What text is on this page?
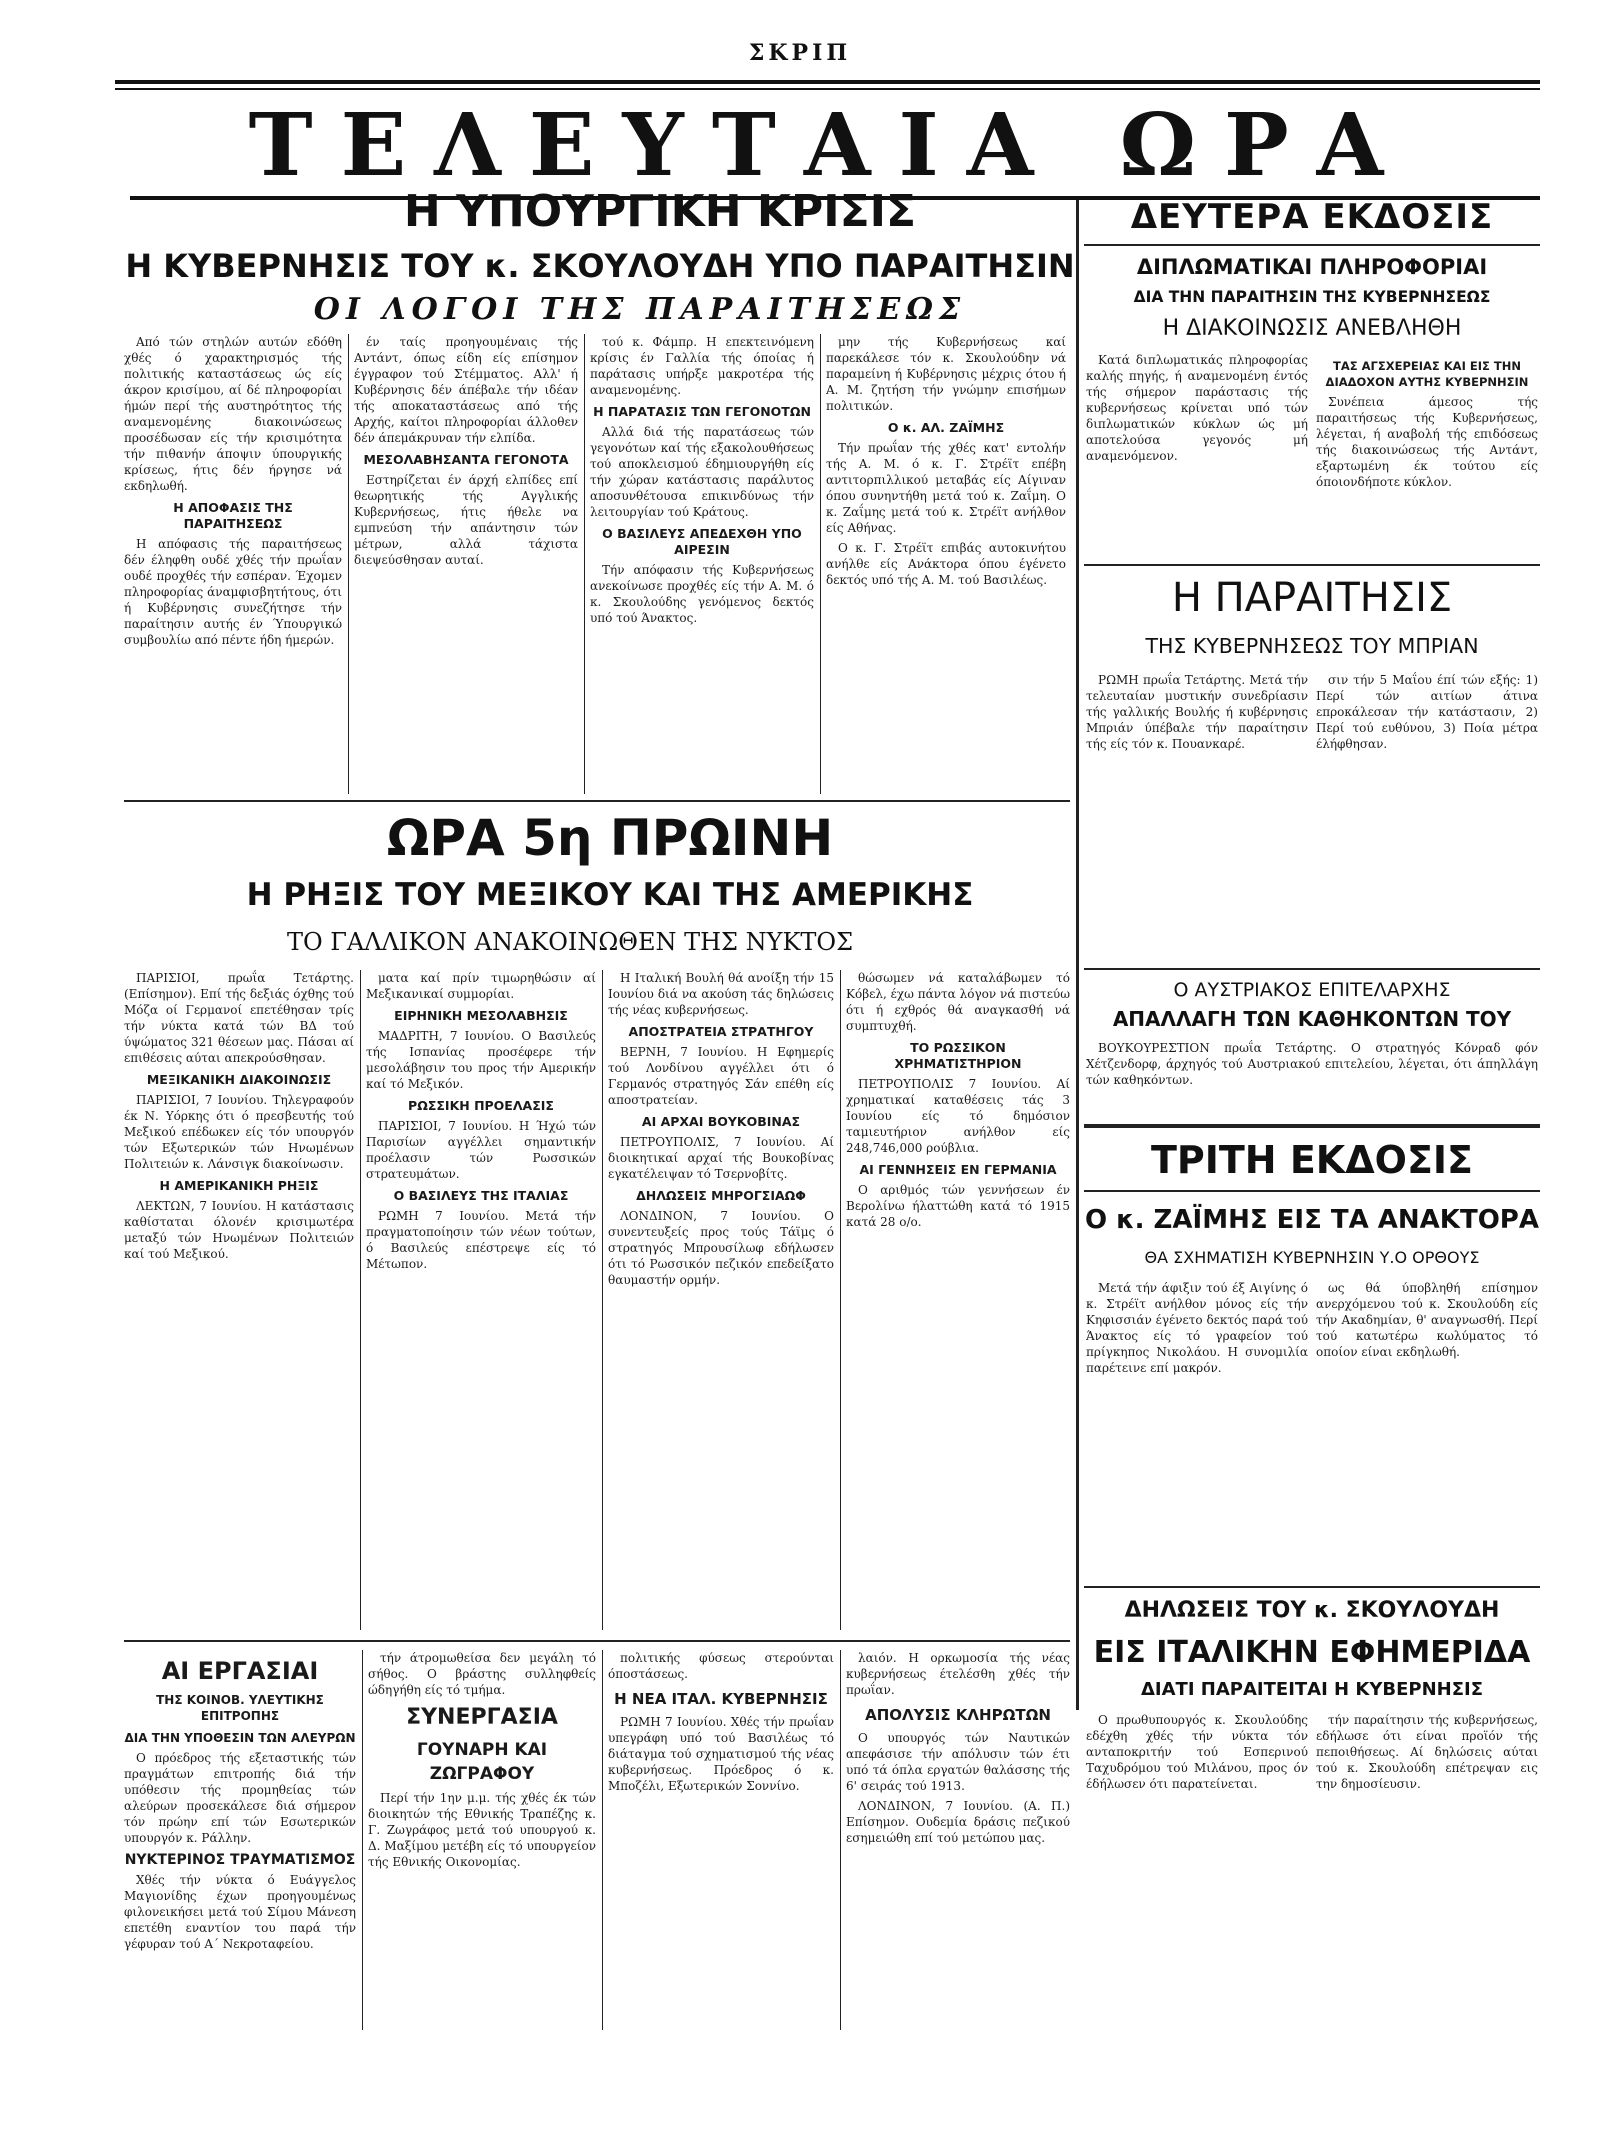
ΣΚΡΙΠ
ΤΕΛΕΥΤΑΙΑ ΩΡΑ
Η ΥΠΟΥΡΓΙΚΗ ΚΡΙΣΙΣ
Η ΚΥΒΕΡΝΗΣΙΣ ΤΟΥ κ. ΣΚΟΥΛΟΥΔΗ ΥΠΟ ΠΑΡΑΙΤΗΣΙΝ
ΟΙ ΛΟΓΟΙ ΤΗΣ ΠΑΡΑΙΤΗΣΕΩΣ

Από τών στηλών αυτών εδόθη χθές ό χαρακτηρισμός τής πολιτικής καταστάσεως ώς είς άκρον κρισίμου, αί δέ πληροφορίαι ήμών περί τής αυστηρότητος τής αναμενομένης διακοινώσεως προσέδωσαν είς τήν κρισιμότητα τήν πιθανήν άποψιν ύπουργικής κρίσεως, ήτις δέν ήργησε νά εκδηλωθή.

Η ΑΠΟΦΑΣΙΣ ΤΗΣ ΠΑΡΑΙΤΗΣΕΩΣ

Η απόφασις τής παραιτήσεως δέν έληφθη ουδέ χθές τήν πρωΐαν ουδέ προχθές τήν εσπέραν. Έχομεν πληροφορίας άναμφισβητήτους, ότι ή Κυβέρνησις συνεζήτησε τήν παραίτησιν αυτής έν Ύπουργικώ συμβουλίω από πέντε ήδη ήμερών.

έν ταίς προηγουμέναις τής Αντάντ, όπως είδη είς επίσημον έγγραφον τού Στέμματος. Αλλ' ή Κυβέρνησις δέν άπέβαλε τήν ιδέαν τής αποκαταστάσεως από τής Αρχής, καίτοι πληροφορίαι άλλοθεν δέν άπεμάκρυναν τήν ελπίδα.

ΜΕΣΟΛΑΒΗΣΑΝΤΑ ΓΕΓΟΝΟΤΑ

Εστηρίζεται έν άρχή ελπίδες επί θεωρητικής τής Αγγλικής Κυβερνήσεως, ήτις ήθελε να εμπνεύση τήν απάντησιν τών μέτρων, αλλά τάχιστα διεψεύσθησαν αυταί.

τού κ. Φάμπρ. Η επεκτεινόμενη κρίσις έν Γαλλία τής όποίας ή παράτασις υπήρξε μακροτέρα τής αναμενομένης.

Η ΠΑΡΑΤΑΣΙΣ ΤΩΝ ΓΕΓΟΝΟΤΩΝ

Αλλά διά τής παρατάσεως τών γεγονότων καί τής εξακολουθήσεως τού αποκλεισμού έδημιουργήθη είς τήν χώραν κατάστασις παράλυτος αποσυνθέτουσα επικινδύνως τήν λειτουργίαν τού Κράτους.

Ο ΒΑΣΙΛΕΥΣ ΑΠΕΔΕΧΘΗ ΥΠΟ ΑΙΡΕΣΙΝ

Τήν απόφασιν τής Κυβερνήσεως ανεκοίνωσε προχθές είς τήν Α. Μ. ό κ. Σκουλούδης γενόμενος δεκτός υπό τού Άνακτος.

μην τής Κυβερνήσεως καί παρεκάλεσε τόν κ. Σκουλούδην νά παραμείνη ή Κυβέρνησις μέχρις ότου ή Α. Μ. ζητήση τήν γνώμην επισήμων πολιτικών.

Ο κ. ΑΛ. ΖΑΪΜΗΣ

Τήν πρωΐαν τής χθές κατ' εντολήν τής Α. Μ. ό κ. Γ. Στρέϊτ επέβη αντιτορπιλλικού μεταβάς είς Αίγιναν όπου συνηντήθη μετά τού κ. Ζαΐμη. Ο κ. Ζαΐμης μετά τού κ. Στρέϊτ ανήλθον είς Αθήνας.

Ο κ. Γ. Στρέϊτ επιβάς αυτοκινήτου ανήλθε είς Ανάκτορα όπου έγένετο δεκτός υπό τής Α. Μ. τού Βασιλέως.

ΩΡΑ 5η ΠΡΩΙΝΗ
Η ΡΗΞΙΣ ΤΟΥ ΜΕΞΙΚΟΥ ΚΑΙ ΤΗΣ ΑΜΕΡΙΚΗΣ
ΤΟ ΓΑΛΛΙΚΟΝ ΑΝΑΚΟΙΝΩΘΕΝ ΤΗΣ ΝΥΚΤΟΣ

ΠΑΡΙΣΙΟΙ, πρωΐα Τετάρτης. (Επίσημον). Επί τής δεξιάς όχθης τού Μόζα οί Γερμανοί επετέθησαν τρίς τήν νύκτα κατά τών ΒΔ τού ύψώματος 321 θέσεων μας. Πάσαι αί επιθέσεις αύται απεκρούσθησαν.

ΜΕΞΙΚΑΝΙΚΗ ΔΙΑΚΟΙΝΩΣΙΣ

ΠΑΡΙΣΙΟΙ, 7 Ιουνίου. Τηλεγραφούν έκ Ν. Υόρκης ότι ό πρεσβευτής τού Μεξικού επέδωκεν είς τόν υπουργόν τών Εξωτερικών τών Ηνωμένων Πολιτειών κ. Λάνσιγκ διακοίνωσιν.

Η ΑΜΕΡΙΚΑΝΙΚΗ ΡΗΞΙΣ

ΛΕΚΤΩΝ, 7 Ιουνίου. Η κατάστασις καθίσταται όλονέν κρισιμωτέρα μεταξύ τών Ηνωμένων Πολιτειών καί τού Μεξικού.

ματα καί πρίν τιμωρηθώσιν αί Μεξικανικαί συμμορίαι.

ΕΙΡΗΝΙΚΗ ΜΕΣΟΛΑΒΗΣΙΣ

ΜΑΔΡΙΤΗ, 7 Ιουνίου. Ο Βασιλεύς τής Ισπανίας προσέφερε τήν μεσολάβησιν του προς τήν Αμερικήν καί τό Μεξικόν.

ΡΩΣΣΙΚΗ ΠΡΟΕΛΑΣΙΣ

ΠΑΡΙΣΙΟΙ, 7 Ιουνίου. Η Ήχώ τών Παρισίων αγγέλλει σημαντικήν προέλασιν τών Ρωσσικών στρατευμάτων.

Ο ΒΑΣΙΛΕΥΣ ΤΗΣ ΙΤΑΛΙΑΣ

ΡΩΜΗ 7 Ιουνίου. Μετά τήν πραγματοποίησιν τών νέων τούτων, ό Βασιλεύς επέστρεψε είς τό Μέτωπον.

Η Ιταλική Βουλή θά ανοίξη τήν 15 Ιουνίου διά να ακούση τάς δηλώσεις τής νέας κυβερνήσεως.

ΑΠΟΣΤΡΑΤΕΙΑ ΣΤΡΑΤΗΓΟΥ

ΒΕΡΝΗ, 7 Ιουνίου. Η Εφημερίς τού Λονδίνου αγγέλλει ότι ό Γερμανός στρατηγός Σάν επέθη είς αποστρατείαν.

ΑΙ ΑΡΧΑΙ ΒΟΥΚΟΒΙΝΑΣ

ΠΕΤΡΟΥΠΟΛΙΣ, 7 Ιουνίου. Αί διοικητικαί αρχαί τής Βουκοβίνας εγκατέλειψαν τό Τσερνοβίτς.

ΔΗΛΩΣΕΙΣ ΜΗΡΟΓΣΙΑΩΦ

ΛΟΝΔΙΝΟΝ, 7 Ιουνίου. Ο συνεντευξείς προς τούς Τάϊμς ό στρατηγός Μπρουσίλωφ εδήλωσεν ότι τό Ρωσσικόν πεζικόν επεδείξατο θαυμαστήν ορμήν.

θώσωμεν νά καταλάβωμεν τό Κόβελ, έχω πάντα λόγον νά πιστεύω ότι ή εχθρός θά αναγκασθή νά συμπτυχθή.

ΤΟ ΡΩΣΣΙΚΟΝ ΧΡΗΜΑΤΙΣΤΗΡΙΟΝ

ΠΕΤΡΟΥΠΟΛΙΣ 7 Ιουνίου. Αί χρηματικαί καταθέσεις τάς 3 Ιουνίου είς τό δημόσιον ταμιευτήριον ανήλθον είς 248,746,000 ρούβλια.

ΑΙ ΓΕΝΝΗΣΕΙΣ ΕΝ ΓΕΡΜΑΝΙΑ

Ο αριθμός τών γεννήσεων έν Βερολίνω ήλαττώθη κατά τό 1915 κατά 28 ο/ο.

ΑΙ ΕΡΓΑΣΙΑΙ
ΤΗΣ ΚΟΙΝΟΒ. ΥΛΕΥΤΙΚΗΣ ΕΠΙΤΡΟΠΗΣ
ΔΙΑ ΤΗΝ ΥΠΟΘΕΣΙΝ ΤΩΝ ΑΛΕΥΡΩΝ

Ο πρόεδρος τής εξεταστικής τών πραγμάτων επιτροπής διά τήν υπόθεσιν τής προμηθείας τών αλεύρων προσεκάλεσε διά σήμερον τόν πρώην επί τών Εσωτερικών υπουργόν κ. Ράλλην.

ΝΥΚΤΕΡΙΝΟΣ ΤΡΑΥΜΑΤΙΣΜΟΣ

Χθές τήν νύκτα ό Ευάγγελος Μαγιονίδης έχων προηγουμένως φιλονεικήσει μετά τού Σίμου Μάνεση επετέθη εναντίον του παρά τήν γέφυραν τού Α΄ Νεκροταφείου.

τήν άτρομωθείσα δεν μεγάλη τό σήθος. Ο βράστης συλληφθείς ώδηγήθη είς τό τμήμα.

ΣΥΝΕΡΓΑΣΙΑ
ΓΟΥΝΑΡΗ ΚΑΙ ΖΩΓΡΑΦΟΥ

Περί τήν 1ην μ.μ. τής χθές έκ τών διοικητών τής Εθνικής Τραπέζης κ. Γ. Ζωγράφος μετά τού υπουργού κ. Δ. Μαξίμου μετέβη είς τό υπουργείον τής Εθνικής Οικονομίας.

πολιτικής φύσεως στερούνται όποστάσεως.

Η ΝΕΑ ΙΤΑΛ. ΚΥΒΕΡΝΗΣΙΣ

ΡΩΜΗ 7 Ιουνίου. Χθές τήν πρωΐαν υπεγράφη υπό τού Βασιλέως τό διάταγμα τού σχηματισμού τής νέας κυβερνήσεως. Πρόεδρος ό κ. Μποζέλι, Εξωτερικών Σοννίνο.

λαιόν. Η ορκωμοσία τής νέας κυβερνήσεως έτελέσθη χθές τήν πρωΐαν.

ΑΠΟΛΥΣΙΣ ΚΛΗΡΩΤΩΝ

Ο υπουργός τών Ναυτικών απεφάσισε τήν απόλυσιν τών έτι υπό τά όπλα εργατών θαλάσσης τής 6' σειράς τού 1913.

ΛΟΝΔΙΝΟΝ, 7 Ιουνίου. (Α. Π.) Επίσημον. Ουδεμία δράσις πεζικού εσημειώθη επί τού μετώπου μας.

ΔΕΥΤΕΡΑ ΕΚΔΟΣΙΣ
ΔΙΠΛΩΜΑΤΙΚΑΙ ΠΛΗΡΟΦΟΡΙΑΙ
ΔΙΑ ΤΗΝ ΠΑΡΑΙΤΗΣΙΝ ΤΗΣ ΚΥΒΕΡΝΗΣΕΩΣ
Η ΔΙΑΚΟΙΝΩΣΙΣ ΑΝΕΒΛΗΘΗ

Κατά διπλωματικάς πληροφορίας καλής πηγής, ή αναμενομένη έντός τής σήμερον παράστασις τής κυβερνήσεως κρίνεται υπό τών διπλωματικών κύκλων ώς μή αποτελούσα γεγονός μή αναμενόμενον.

ΤΑΣ ΑΓΣΧΕΡΕΙΑΣ ΚΑΙ ΕΙΣ ΤΗΝ ΔΙΑΔΟΧΟΝ ΑΥΤΗΣ ΚΥΒΕΡΝΗΣΙΝ

Συνέπεια άμεσος τής παραιτήσεως τής Κυβερνήσεως, λέγεται, ή αναβολή τής επιδόσεως τής διακοινώσεως τής Αντάντ, εξαρτωμένη έκ τούτου είς όποιονδήποτε κύκλον.

Η ΠΑΡΑΙΤΗΣΙΣ
ΤΗΣ ΚΥΒΕΡΝΗΣΕΩΣ ΤΟΥ ΜΠΡΙΑΝ

ΡΩΜΗ πρωΐα Τετάρτης. Μετά τήν τελευταίαν μυστικήν συνεδρίασιν τής γαλλικής Βουλής ή κυβέρνησις Μπριάν ύπέβαλε τήν παραίτησιν τής είς τόν κ. Πουανκαρέ.

σιν τήν 5 Μαΐου έπί τών εξής: 1) Περί τών αιτίων άτινα επροκάλεσαν τήν κατάστασιν, 2) Περί τού ευθύνου, 3) Ποία μέτρα έλήφθησαν.

Ο ΑΥΣΤΡΙΑΚΟΣ ΕΠΙΤΕΛΑΡΧΗΣ
ΑΠΑΛΛΑΓΗ ΤΩΝ ΚΑΘΗΚΟΝΤΩΝ ΤΟΥ

ΒΟΥΚΟΥΡΕΣΤΙΟΝ πρωΐα Τετάρτης. Ο στρατηγός Κόνραδ φόν Χέτζενδορφ, άρχηγός τού Αυστριακού επιτελείου, λέγεται, ότι άπηλλάγη τών καθηκόντων.

ΤΡΙΤΗ ΕΚΔΟΣΙΣ
Ο κ. ΖΑΪΜΗΣ ΕΙΣ ΤΑ ΑΝΑΚΤΟΡΑ
ΘΑ ΣΧΗΜΑΤΙΣΗ ΚΥΒΕΡΝΗΣΙΝ Υ.Ο ΟΡΘΟΥΣ

Μετά τήν άφιξιν τού έξ Αιγίνης ό κ. Στρέϊτ ανήλθον μόνος είς τήν Κηφισσιάν έγένετο δεκτός παρά τού Άνακτος είς τό γραφείον τού πρίγκηπος Νικολάου. Η συνομιλία παρέτεινε επί μακρόν.

ως θά ύποβληθή επίσημον ανερχόμενου τού κ. Σκουλούδη είς τήν Ακαδημίαν, θ' αναγνωσθή. Περί τού κατωτέρω κωλύματος τό οποίον είναι εκδηλωθή.

ΔΗΛΩΣΕΙΣ ΤΟΥ κ. ΣΚΟΥΛΟΥΔΗ
ΕΙΣ ΙΤΑΛΙΚΗΝ ΕΦΗΜΕΡΙΔΑ
ΔΙΑΤΙ ΠΑΡΑΙΤΕΙΤΑΙ Η ΚΥΒΕΡΝΗΣΙΣ

Ο πρωθυπουργός κ. Σκουλούδης εδέχθη χθές τήν νύκτα τόν ανταποκριτήν τού Εσπερινού Ταχυδρόμου τού Μιλάνου, προς όν έδήλωσεν ότι παρατείνεται.

τήν παραίτησιν τής κυβερνήσεως, εδήλωσε ότι είναι προϊόν τής πεποιθήσεως. Αί δηλώσεις αύται τού κ. Σκουλούδη επέτρεψαν εις την δημοσίευσιν.
